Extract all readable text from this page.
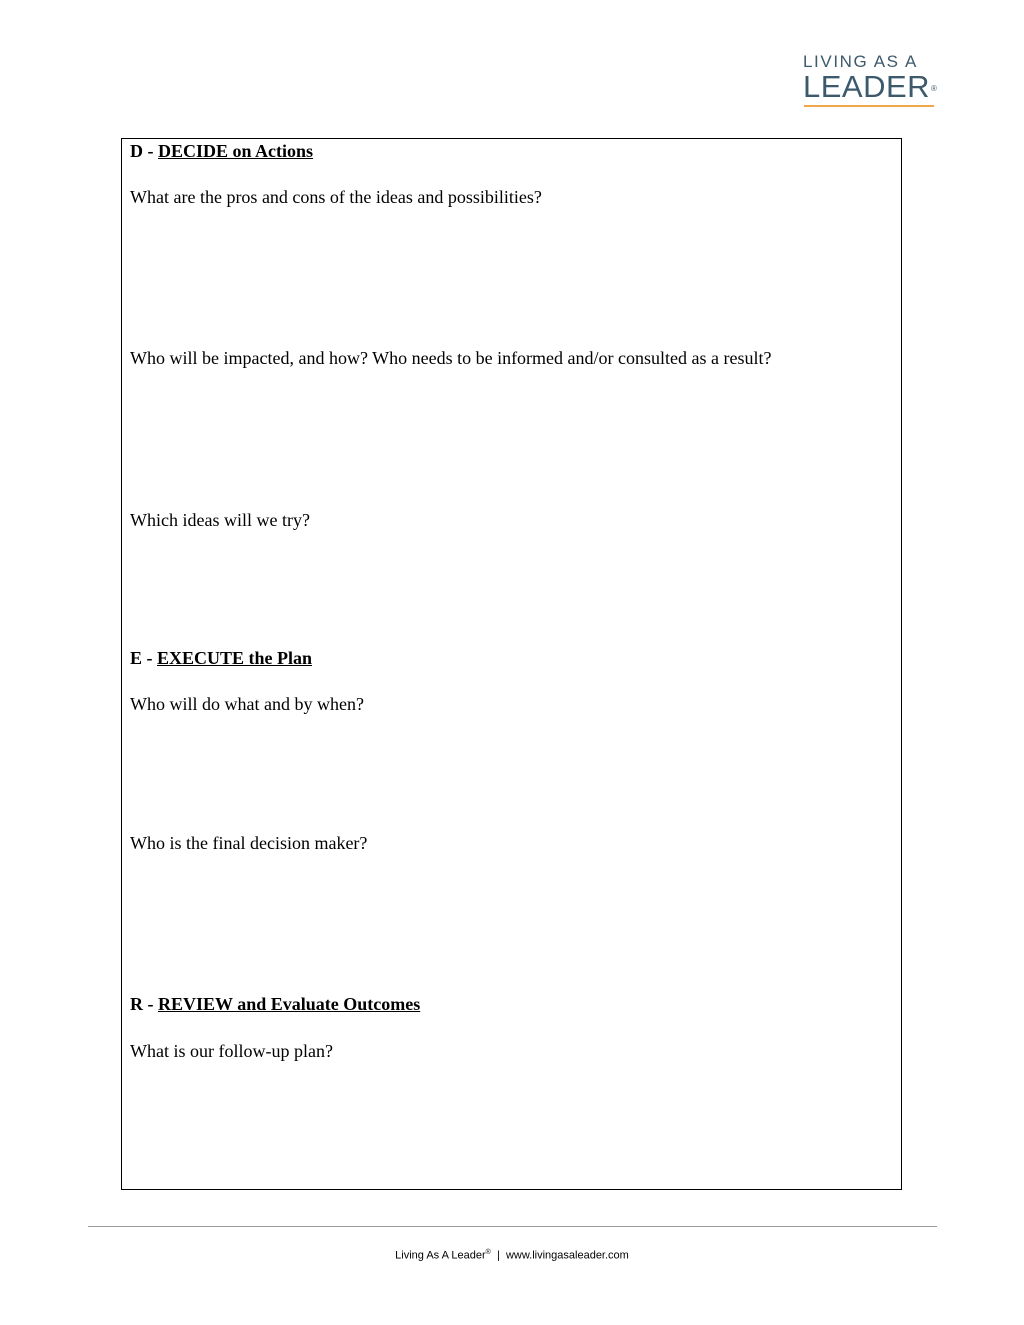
LIVING AS A
LEADER®
D - DECIDE on Actions
What are the pros and cons of the ideas and possibilities?
Who will be impacted, and how? Who needs to be informed and/or consulted as a result?
Which ideas will we try?
E - EXECUTE the Plan
Who will do what and by when?
Who is the final decision maker?
R - REVIEW and Evaluate Outcomes
What is our follow-up plan?
Living As A Leader®  |  www.livingasaleader.com
